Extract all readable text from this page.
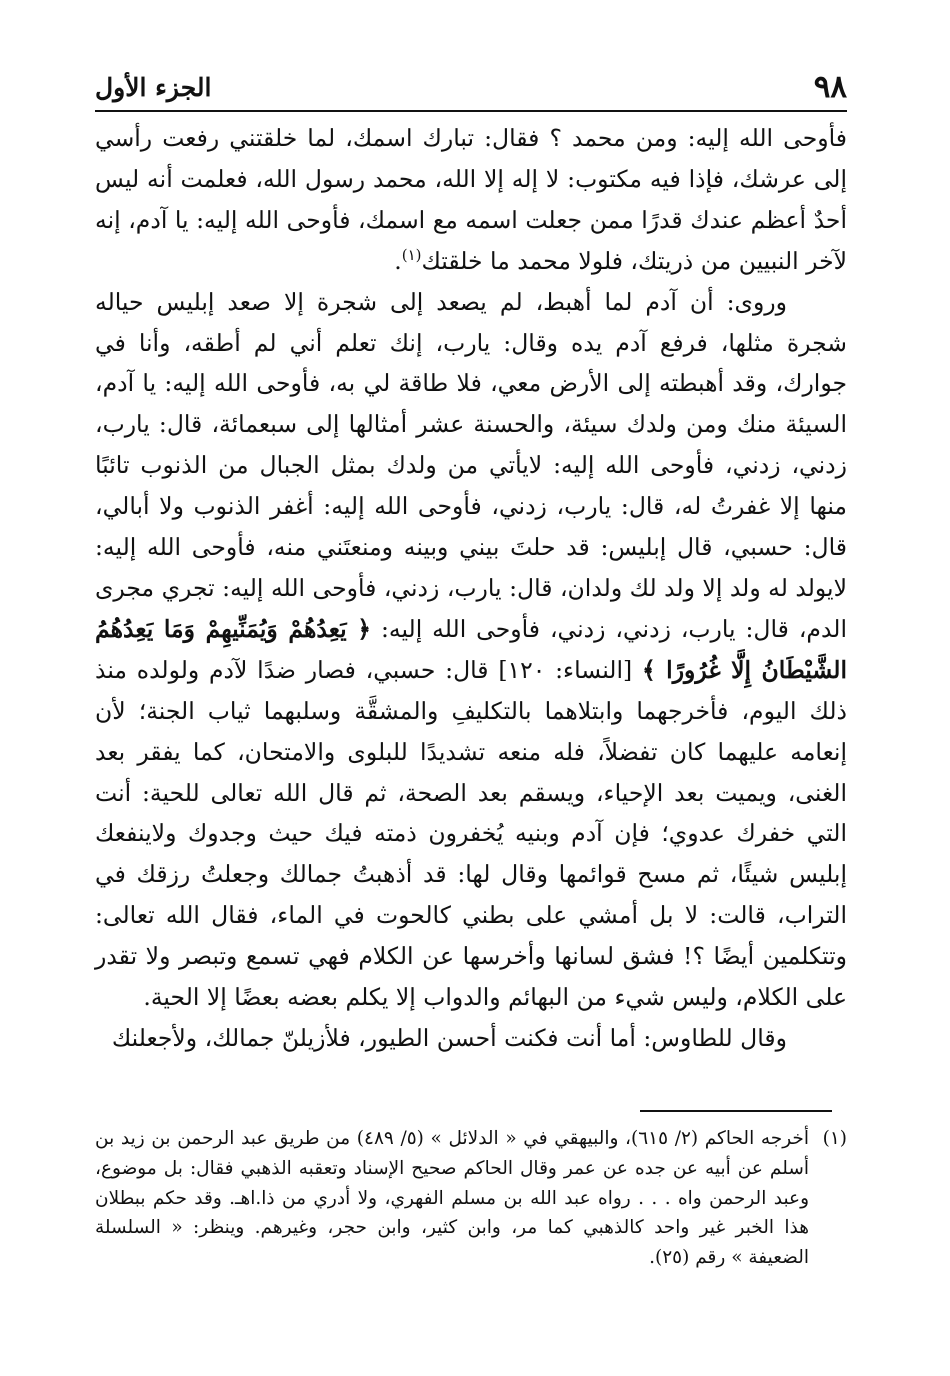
٩٨
الجزء الأول

فأوحى الله إليه: ومن محمد ؟ فقال: تبارك اسمك، لما خلقتني رفعت رأسي إلى عرشك، فإذا فيه مكتوب: لا إله إلا الله، محمد رسول الله، فعلمت أنه ليس أحدٌ أعظم عندك قدرًا ممن جعلت اسمه مع اسمك، فأوحى الله إليه: يا آدم، إنه لآخر النبيين من ذريتك، فلولا محمد ما خلقتك$^{(١)}$.

وروى: أن آدم لما أهبط، لم يصعد إلى شجرة إلا صعد إبليس حياله شجرة مثلها، فرفع آدم يده وقال: يارب، إنك تعلم أني لم أطقه، وأنا في جوارك، وقد أهبطته إلى الأرض معي، فلا طاقة لي به، فأوحى الله إليه: يا آدم، السيئة منك ومن ولدك سيئة، والحسنة عشر أمثالها إلى سبعمائة، قال: يارب، زدني، زدني، فأوحى الله إليه: لايأتي من ولدك بمثل الجبال من الذنوب تائبًا منها إلا غفرتُ له، قال: يارب، زدني، فأوحى الله إليه: أغفر الذنوب ولا أبالي، قال: حسبي، قال إبليس: قد حلتَ بيني وبينه ومنعتَني منه، فأوحى الله إليه: لايولد له ولد إلا ولد لك ولدان، قال: يارب، زدني، فأوحى الله إليه: تجري مجرى الدم، قال: يارب، زدني، زدني، فأوحى الله إليه: ﴿ يَعِدُهُمْ وَيُمَنِّيهِمْ وَمَا يَعِدُهُمُ الشَّيْطَانُ إِلَّا غُرُورًا ﴾ [النساء: ١٢٠] قال: حسبي، فصار ضدًا لآدم ولولده منذ ذلك اليوم، فأخرجهما وابتلاهما بالتكليفِ والمشقَّة وسلبهما ثياب الجنة؛ لأن إنعامه عليهما كان تفضلاً، فله منعه تشديدًا للبلوى والامتحان، كما يفقر بعد الغنى، ويميت بعد الإحياء، ويسقم بعد الصحة، ثم قال الله تعالى للحية: أنت التي خفرك عدوي؛ فإن آدم وبنيه يُخفرون ذمته فيك حيث وجدوك ولاينفعك إبليس شيئًا، ثم مسح قوائمها وقال لها: قد أذهبتُ جمالك وجعلتُ رزقك في التراب، قالت: لا بل أمشي على بطني كالحوت في الماء، فقال الله تعالى: وتتكلمين أيضًا ؟! فشق لسانها وأخرسها عن الكلام فهي تسمع وتبصر ولا تقدر على الكلام، وليس شيء من البهائم والدواب إلا يكلم بعضه بعضًا إلا الحية.

وقال للطاوس: أما أنت فكنت أحسن الطيور، فلأزيلنّ جمالك، ولأجعلنك

(١)أخرجه الحاكم (٢/ ٦١٥)، والبيهقي في « الدلائل » (٥/ ٤٨٩) من طريق عبد الرحمن بن زيد بن أسلم عن أبيه عن جده عن عمر وقال الحاكم صحيح الإسناد وتعقبه الذهبي فقال: بل موضوع، وعبد الرحمن واه . . . رواه عبد الله بن مسلم الفهري، ولا أدري من ذا.اهـ. وقد حكم ببطلان هذا الخبر غير واحد كالذهبي كما مر، وابن كثير، وابن حجر، وغيرهم. وينظر: « السلسلة الضعيفة » رقم (٢٥).
